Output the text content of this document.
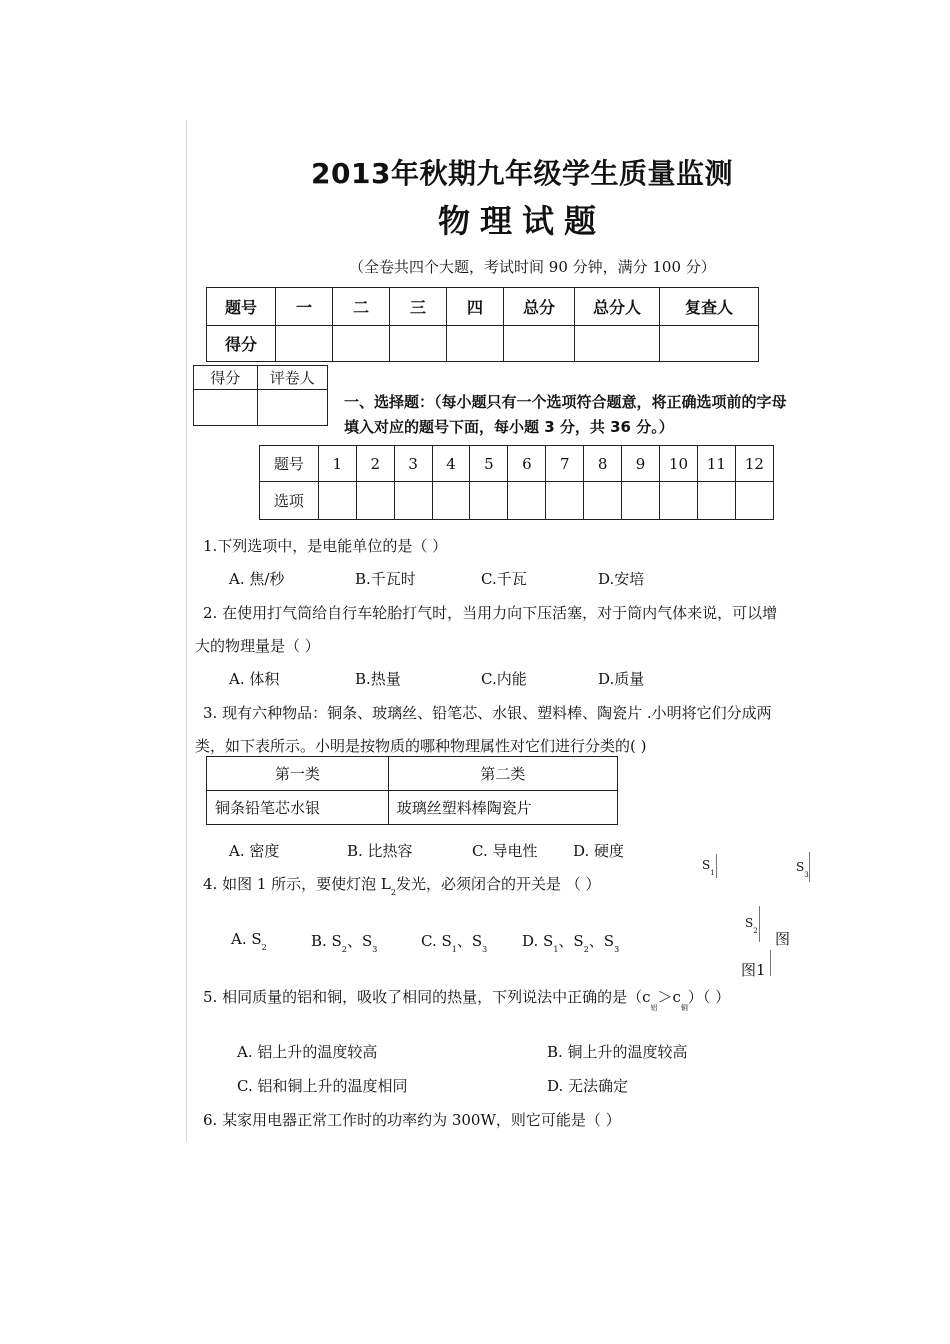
2013年秋期九年级学生质量监测
物理试题
（全卷共四个大题，考试时间 90 分钟，满分 100 分）
题号	一	二	三	四	总分	总分人	复查人
得分							
得分	评卷人

一、选择题：（每小题只有一个选项符合题意，将正确选项前的字母
填入对应的题号下面，每小题 3 分，共 36 分。）
题号	1	2	3	4	5	6	7	8	9	10	11	12
选项												
1.下列选项中，是电能单位的是（ ）
A. 焦/秒	B.千瓦时	C.千瓦	D.安培
2. 在使用打气筒给自行车轮胎打气时，当用力向下压活塞，对于筒内气体来说，可以增
大的物理量是（ ）
A. 体积	B.热量	C.内能	D.质量
3. 现有六种物品：铜条、玻璃丝、铅笔芯、水银、塑料棒、陶瓷片 .小明将它们分成两
类，如下表所示。小明是按物质的哪种物理属性对它们进行分类的( )
第一类	第二类
铜条铅笔芯水银	玻璃丝塑料棒陶瓷片
A. 密度	B. 比热容	C. 导电性 D. 硬度
4. 如图 1 所示，要使灯泡 $L_2$发光，必须闭合的开关是 （ ）
A. $S_2$	B. $S_2$、$S_3$	C. $S_1$、$S_3$ D. $S_1$、$S_2$、$S_3$
$S_1$	$S_3$
$S_2$ 图
图1
5. 相同质量的铝和铜，吸收了相同的热量，下列说法中正确的是$(c_铝>c_铜)$（ ）
A. 铝上升的温度较高	B. 铜上升的温度较高
C. 铝和铜上升的温度相同	D. 无法确定
6. 某家用电器正常工作时的功率约为 300W，则它可能是（ ）
